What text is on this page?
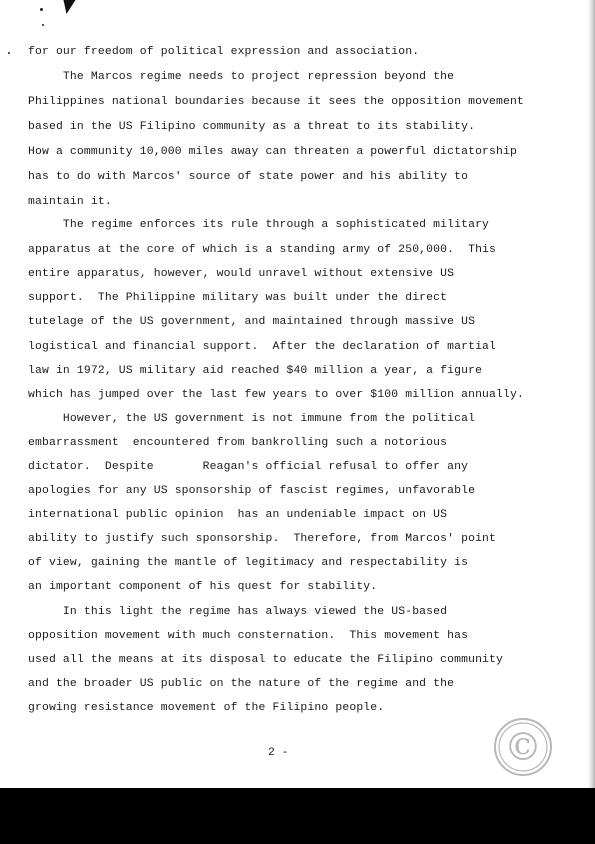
for our freedom of political expression and association.
The Marcos regime needs to project repression beyond the
Philippines national boundaries because it sees the opposition movement
based in the US Filipino community as a threat to its stability.
How a community 10,000 miles away can threaten a powerful dictatorship
has to do with Marcos' source of state power and his ability to
maintain it.
The regime enforces its rule through a sophisticated military
apparatus at the core of which is a standing army of 250,000.  This
entire apparatus, however, would unravel without extensive US
support.  The Philippine military was built under the direct
tutelage of the US government, and maintained through massive US
logistical and financial support.  After the declaration of martial
law in 1972, US military aid reached $40 million a year, a figure
which has jumped over the last few years to over $100 million annually.
However, the US government is not immune from the political
embarrassment  encountered from bankrolling such a notorious
dictator.  Despite       Reagan's official refusal to offer any
apologies for any US sponsorship of fascist regimes, unfavorable
international public opinion  has an undeniable impact on US
ability to justify such sponsorship.  Therefore, from Marcos' point
of view, gaining the mantle of legitimacy and respectability is
an important component of his quest for stability.
In this light the regime has always viewed the US-based
opposition movement with much consternation.  This movement has
used all the means at its disposal to educate the Filipino community
and the broader US public on the nature of the regime and the
growing resistance movement of the Filipino people.
2 -	©
